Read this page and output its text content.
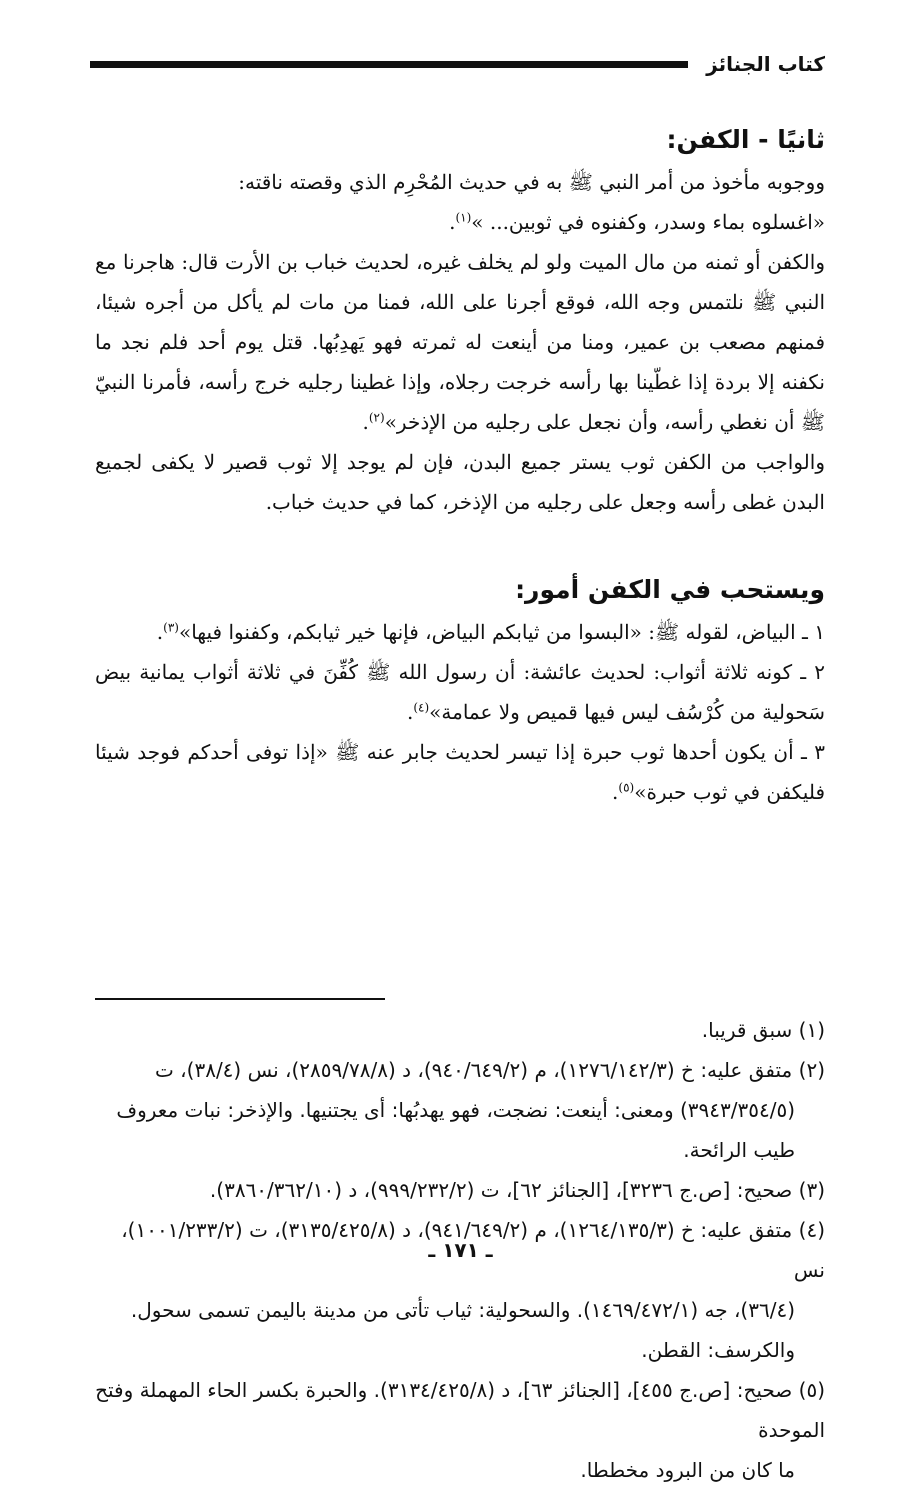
كتاب الجنائز
ثانيًا - الكفن:

ووجوبه مأخوذ من أمر النبي ﷺ به في حديث المُحْرِم الذي وقصته ناقته:

«اغسلوه بماء وسدر، وكفنوه في ثوبين... »$^{(١)}$.

والكفن أو ثمنه من مال الميت ولو لم يخلف غيره، لحديث خباب بن الأرت قال: هاجرنا مع النبي ﷺ نلتمس وجه الله، فوقع أجرنا على الله، فمنا من مات لم يأكل من أجره شيئا، فمنهم مصعب بن عمير، ومنا من أينعت له ثمرته فهو يَهدِبُها. قتل يوم أحد فلم نجد ما نكفنه إلا بردة إذا غطّينا بها رأسه خرجت رجلاه، وإذا غطينا رجليه خرج رأسه، فأمرنا النبيّ ﷺ أن نغطي رأسه، وأن نجعل على رجليه من الإذخر»$^{(٢)}$.

والواجب من الكفن ثوب يستر جميع البدن، فإن لم يوجد إلا ثوب قصير لا يكفى لجميع البدن غطى رأسه وجعل على رجليه من الإذخر، كما في حديث خباب.

ويستحب في الكفن أمور:

١ ـ البياض، لقوله ﷺ: «البسوا من ثيابكم البياض، فإنها خير ثيابكم، وكفنوا فيها»$^{(٣)}$.

٢ ـ كونه ثلاثة أثواب: لحديث عائشة: أن رسول الله ﷺ كُفِّنَ في ثلاثة أثواب يمانية بيض سَحولية من كُرْسُف ليس فيها قميص ولا عمامة»$^{(٤)}$.

٣ ـ أن يكون أحدها ثوب حبرة إذا تيسر لحديث جابر عنه ﷺ «إذا توفى أحدكم فوجد شيئا فليكفن في ثوب حبرة»$^{(٥)}$.

(١) سبق قريبا.

(٢) متفق عليه: خ (١٢٧٦/١٤٢/٣)، م (٩٤٠/٦٤٩/٢)، د (٢٨٥٩/٧٨/٨)، نس (٣٨/٤)، ت
(٣٩٤٣/٣٥٤/٥) ومعنى: أينعت: نضجت، فهو يهدبُها: أى يجتنيها. والإذخر: نبات معروف طيب الرائحة.

(٣) صحيح: [ص.ج ٣٢٣٦]، [الجنائز ٦٢]، ت (٩٩٩/٢٣٢/٢)، د (٣٨٦٠/٣٦٢/١٠).

(٤) متفق عليه: خ (١٢٦٤/١٣٥/٣)، م (٩٤١/٦٤٩/٢)، د (٣١٣٥/٤٢٥/٨)، ت (١٠٠١/٢٣٣/٢)، نس
(٣٦/٤)، جه (١٤٦٩/٤٧٢/١). والسحولية: ثياب تأتى من مدينة باليمن تسمى سحول. والكرسف: القطن.

(٥) صحيح: [ص.ج ٤٥٥]، [الجنائز ٦٣]، د (٣١٣٤/٤٢٥/٨). والحبرة بكسر الحاء المهملة وفتح الموحدة
ما كان من البرود مخططا.

ـ ١٧١ ـ
